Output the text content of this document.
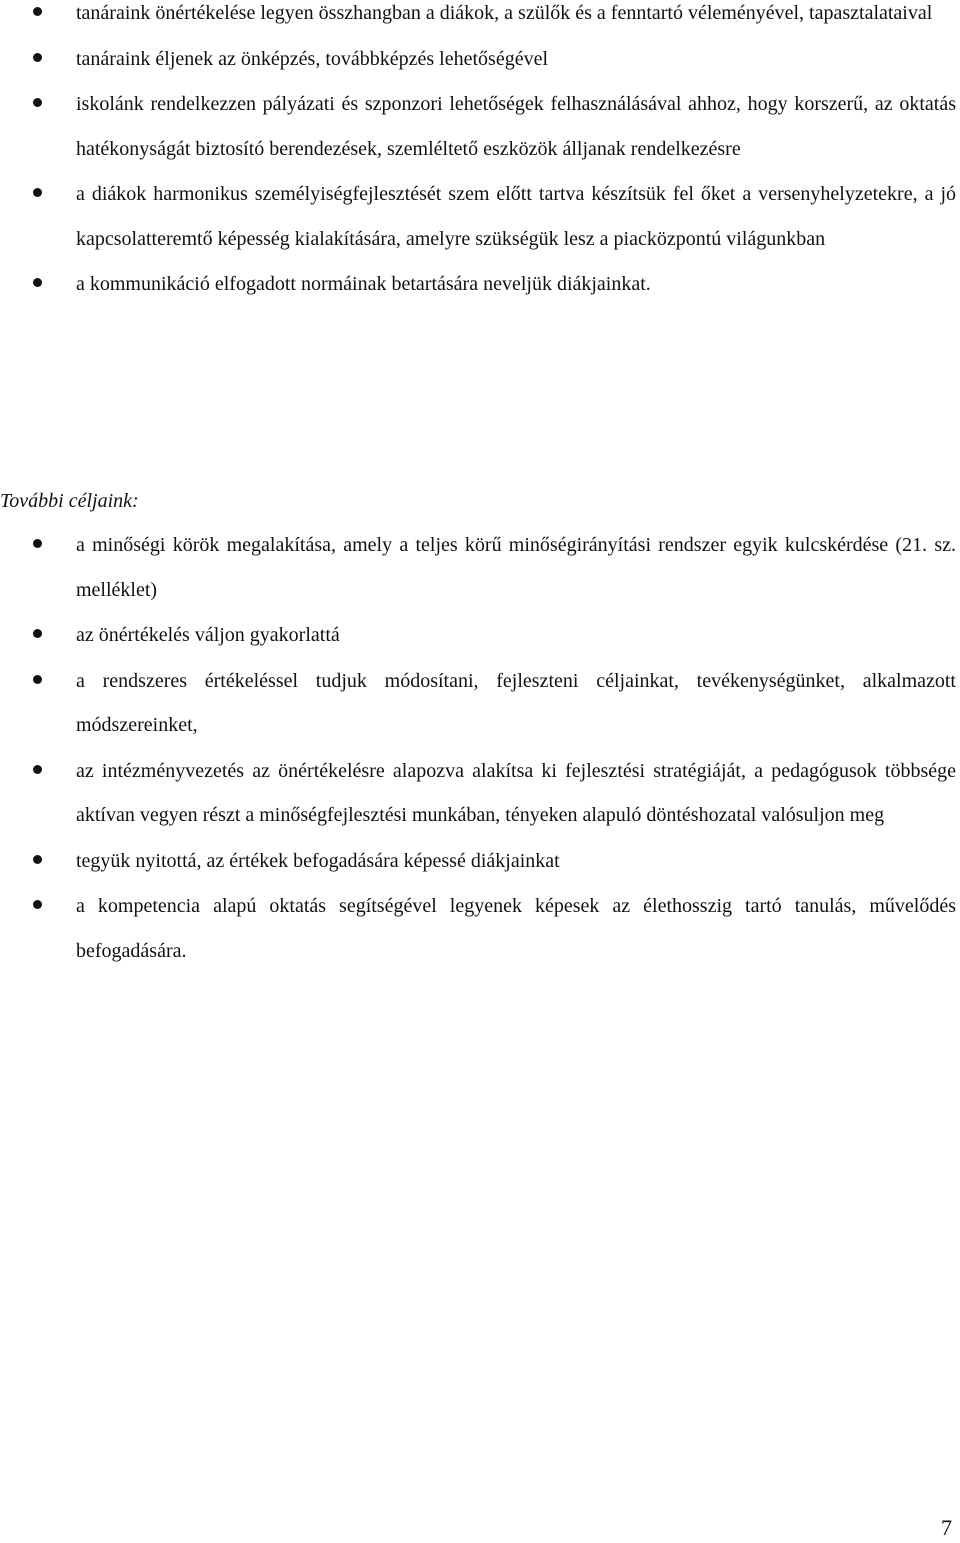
tanáraink önértékelése legyen összhangban a diákok, a szülők és a fenntartó véleményével, tapasztalataival
tanáraink éljenek az önképzés, továbbképzés lehetőségével
iskolánk rendelkezzen pályázati és szponzori lehetőségek felhasználásával ahhoz, hogy korszerű, az oktatás hatékonyságát biztosító berendezések, szemléltető eszközök álljanak rendelkezésre
a diákok harmonikus személyiségfejlesztését szem előtt tartva készítsük fel őket a versenyhelyzetekre, a jó kapcsolatteremtő képesség kialakítására, amelyre szükségük lesz a piacközpontú világunkban
a kommunikáció elfogadott normáinak betartására neveljük diákjainkat.

További céljaink:

a minőségi körök megalakítása, amely a teljes körű minőségirányítási rendszer egyik kulcskérdése (21. sz. melléklet)
az önértékelés váljon gyakorlattá
a rendszeres értékeléssel tudjuk módosítani, fejleszteni céljainkat, tevékenységünket, alkalmazott módszereinket,
az intézményvezetés az önértékelésre alapozva alakítsa ki fejlesztési stratégiáját, a pedagógusok többsége aktívan vegyen részt a minőségfejlesztési munkában, tényeken alapuló döntéshozatal valósuljon meg
tegyük nyitottá, az értékek befogadására képessé diákjainkat
a kompetencia alapú oktatás segítségével legyenek képesek az élethosszig tartó tanulás, művelődés befogadására.
7
